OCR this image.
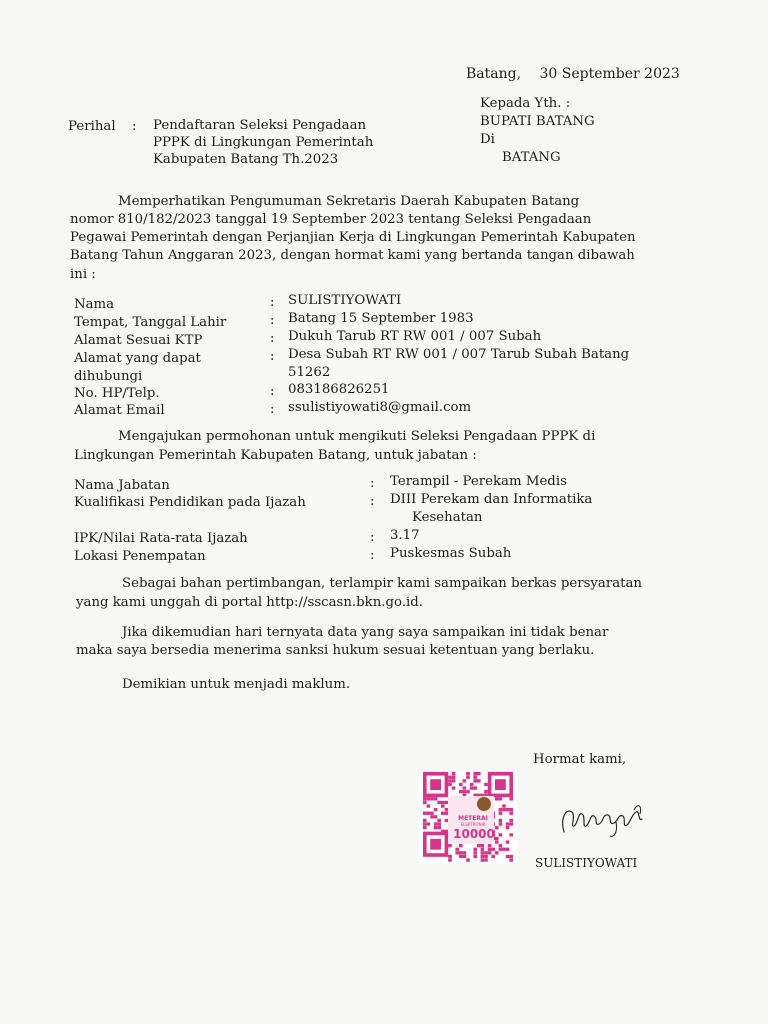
Batang, 30 September 2023
Perihal : Pendaftaran Seleksi Pengadaan
PPPK di Lingkungan Pemerintah
Kabupaten Batang Th.2023
Kepada Yth. :
BUPATI BATANG
Di
BATANG
Memperhatikan Pengumuman Sekretaris Daerah Kabupaten Batang
nomor 810/182/2023 tanggal 19 September 2023 tentang Seleksi Pengadaan
Pegawai Pemerintah dengan Perjanjian Kerja di Lingkungan Pemerintah Kabupaten
Batang Tahun Anggaran 2023, dengan hormat kami yang bertanda tangan dibawah
ini :
Nama
Tempat, Tanggal Lahir
Alamat Sesuai KTP
Alamat yang dapat
dihubungi
No. HP/Telp.
Alamat Email
:
:
:
:
:
:
SULISTIYOWATI
Batang 15 September 1983
Dukuh Tarub RT RW 001 / 007 Subah
Desa Subah RT RW 001 / 007 Tarub Subah Batang
51262
083186826251
ssulistiyowati8@gmail.com
Mengajukan permohonan untuk mengikuti Seleksi Pengadaan PPPK di
Lingkungan Pemerintah Kabupaten Batang, untuk jabatan :
Nama Jabatan
Kualifikasi Pendidikan pada Ijazah
IPK/Nilai Rata-rata Ijazah
Lokasi Penempatan
:
:
:
:
Terampil - Perekam Medis
DIII Perekam dan Informatika
Kesehatan
3.17
Puskesmas Subah
Sebagai bahan pertimbangan, terlampir kami sampaikan berkas persyaratan
yang kami unggah di portal http://sscasn.bkn.go.id.
Jika dikemudian hari ternyata data yang saya sampaikan ini tidak benar
maka saya bersedia menerima sanksi hukum sesuai ketentuan yang berlaku.
Demikian untuk menjadi maklum.
Hormat kami,
METERAI
ELEKTRONIK
10000
SULISTIYOWATI
